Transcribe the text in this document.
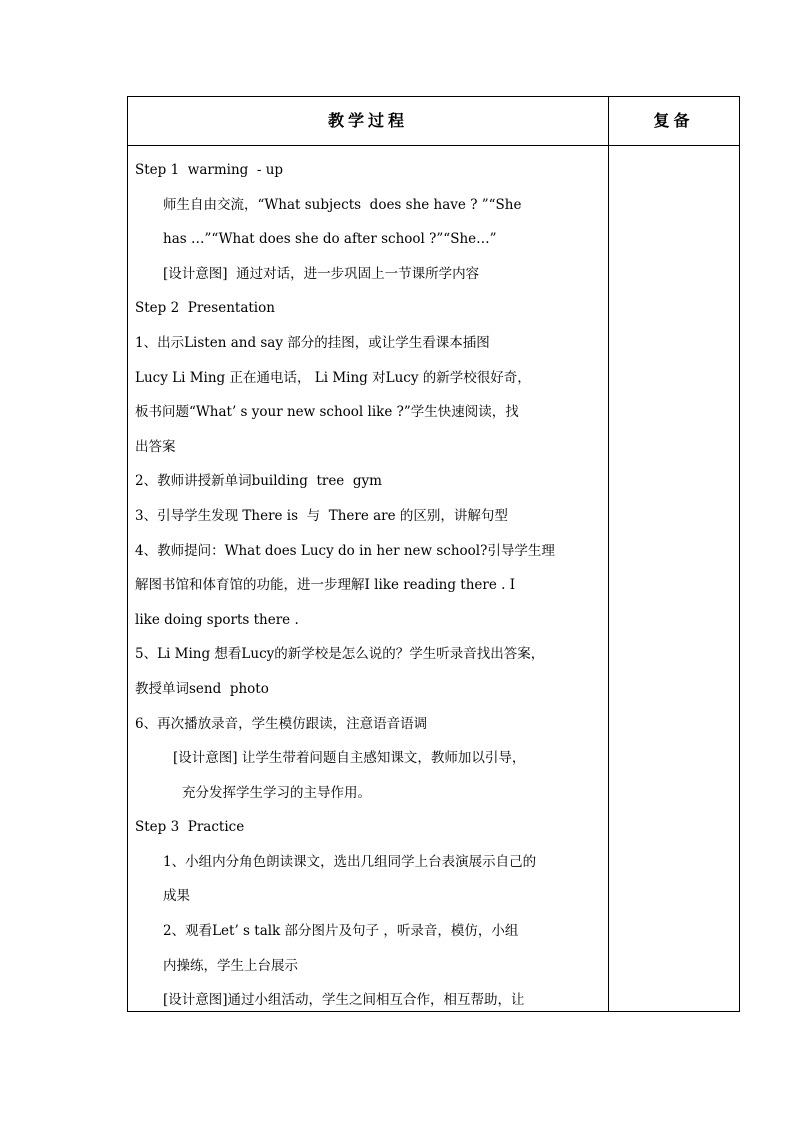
教学过程	复备
Step 1  warming  - up
师生自由交流，“What subjects  does she have ? ”“She
has …”“What does she do after school ?”“She…”
[设计意图]  通过对话，进一步巩固上一节课所学内容
Step 2  Presentation
1、出示Listen and say 部分的挂图，或让学生看课本插图
Lucy Li Ming 正在通电话， Li Ming 对Lucy 的新学校很好奇，
板书问题“What’ s your new school like ?”学生快速阅读，找
出答案
2、教师讲授新单词building  tree  gym
3、引导学生发现 There is  与  There are 的区别，讲解句型
4、教师提问：What does Lucy do in her new school?引导学生理
解图书馆和体育馆的功能，进一步理解I like reading there . I
like doing sports there .
5、Li Ming 想看Lucy的新学校是怎么说的？学生听录音找出答案，
教授单词send  photo
6、再次播放录音，学生模仿跟读，注意语音语调
[设计意图] 让学生带着问题自主感知课文，教师加以引导，
充分发挥学生学习的主导作用。
Step 3  Practice
1、小组内分角色朗读课文，选出几组同学上台表演展示自己的
成果
2、观看Let’ s talk 部分图片及句子 ，听录音，模仿，小组
内操练，学生上台展示
[设计意图]通过小组活动，学生之间相互合作，相互帮助，让
